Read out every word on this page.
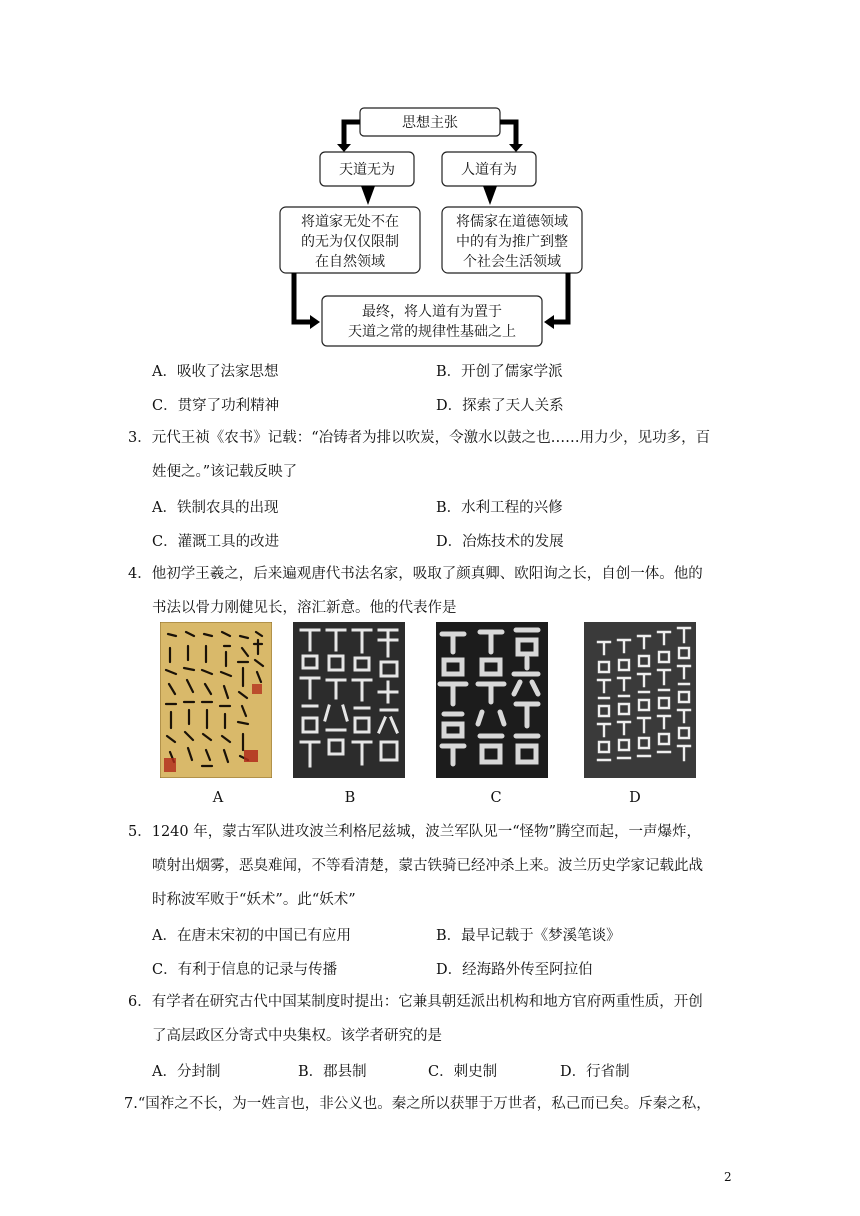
思想主张
天道无为	人道有为
将道家无处不在
的无为仅仅限制
在自然领域
将儒家在道德领域
中的有为推广到整
个社会生活领域
最终，将人道有为置于
天道之常的规律性基础之上
A．吸收了法家思想	B．开创了儒家学派
C．贯穿了功利精神	D．探索了天人关系
3．元代王祯《农书》记载：“冶铸者为排以吹炭，令激水以鼓之也……用力少，见功多，百
姓便之。”该记载反映了
A．铁制农具的出现	B．水利工程的兴修
C．灌溉工具的改进	D．冶炼技术的发展
4．他初学王羲之，后来遍观唐代书法名家，吸取了颜真卿、欧阳询之长，自创一体。他的
书法以骨力刚健见长，溶汇新意。他的代表作是
A	B	C	D
5．1240 年，蒙古军队进攻波兰利格尼兹城，波兰军队见一“怪物”腾空而起，一声爆炸，
喷射出烟雾，恶臭难闻，不等看清楚，蒙古铁骑已经冲杀上来。波兰历史学家记载此战
时称波军败于“妖术”。此“妖术”
A．在唐末宋初的中国已有应用	B．最早记载于《梦溪笔谈》
C．有利于信息的记录与传播	D．经海路外传至阿拉伯
6．有学者在研究古代中国某制度时提出：它兼具朝廷派出机构和地方官府两重性质，开创
了高层政区分寄式中央集权。该学者研究的是
A．分封制	B．郡县制	C．刺史制	D．行省制
7.“国祚之不长，为一姓言也，非公义也。秦之所以获罪于万世者，私己而已矣。斥秦之私，
2
